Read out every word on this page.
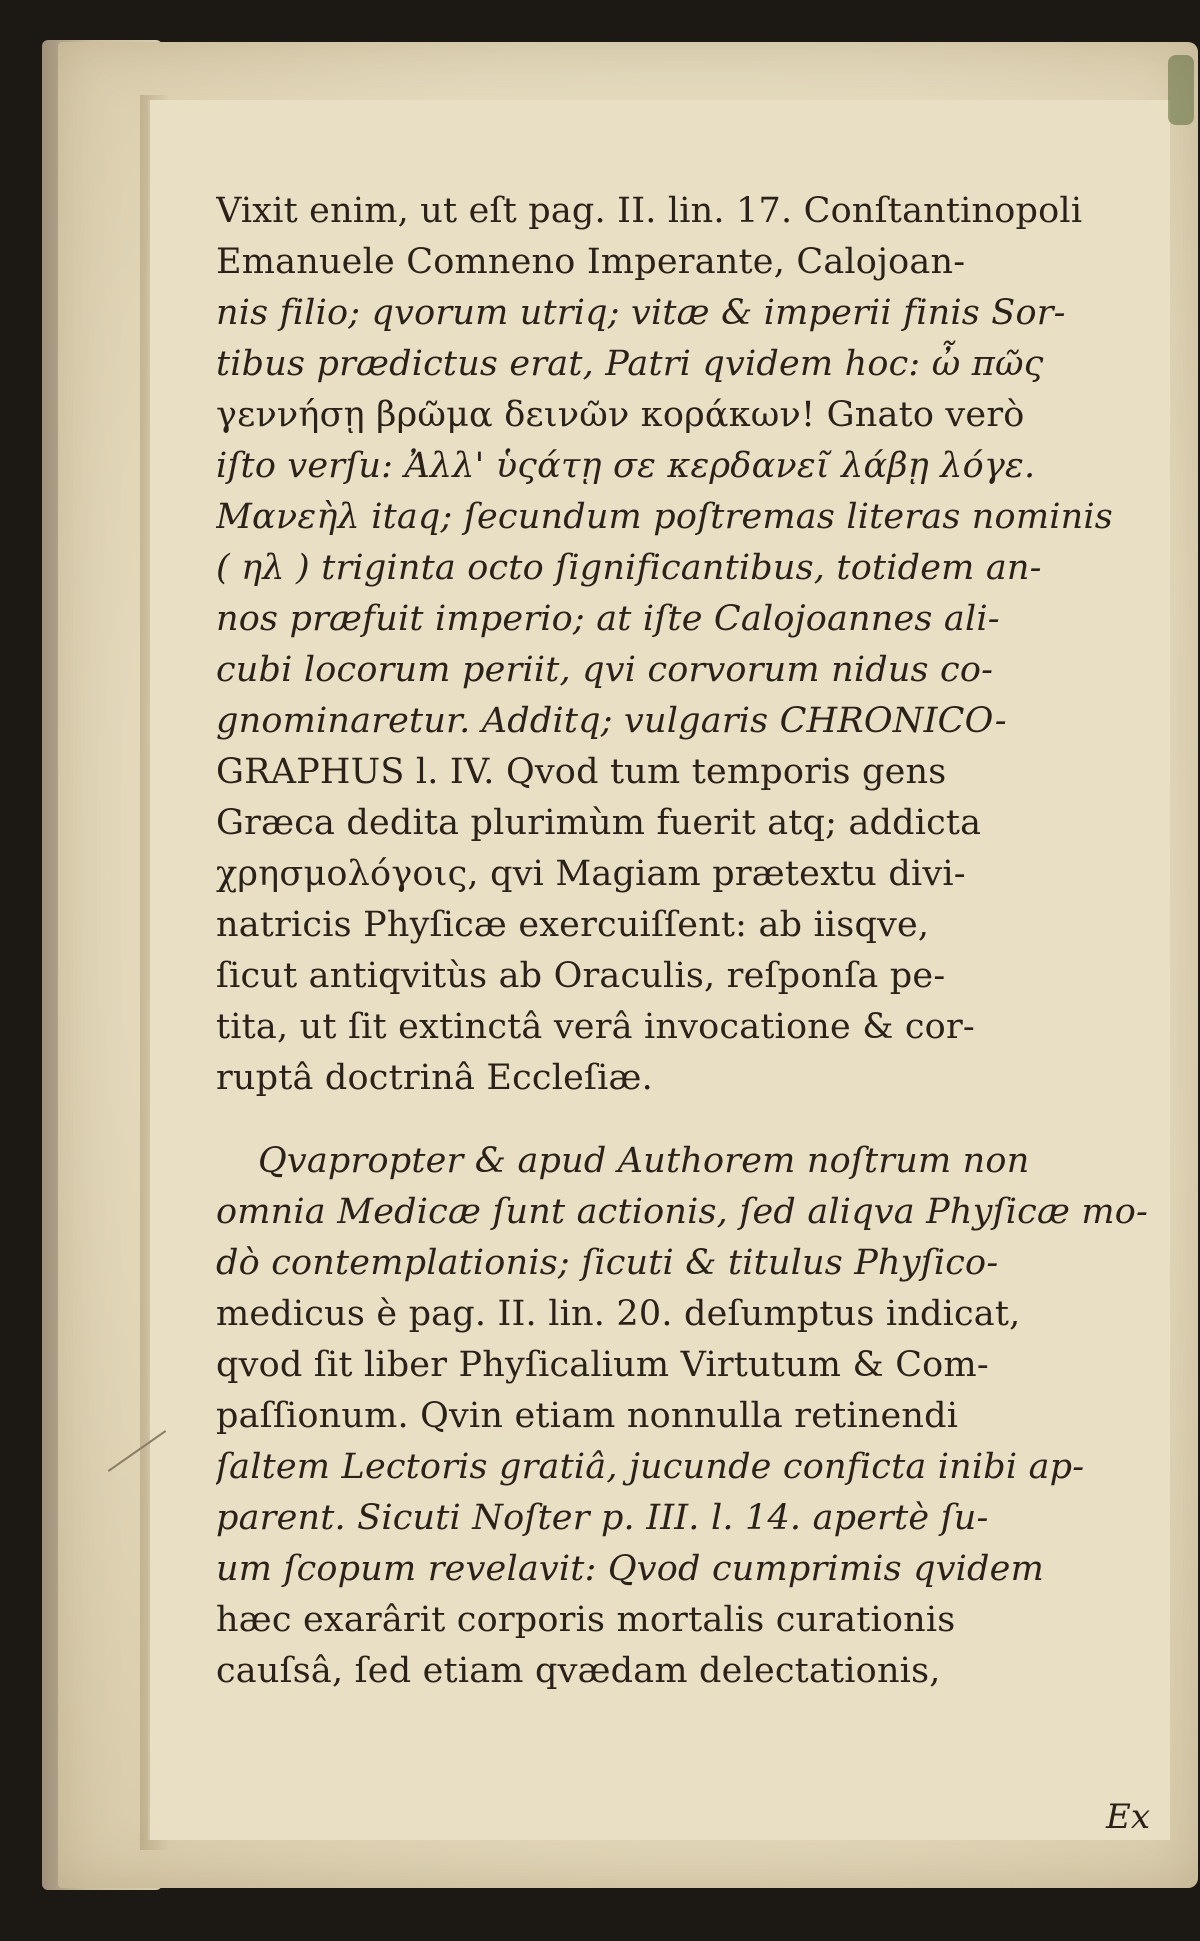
Vixit enim, ut eſt pag. II. lin. 17. Conſtantinopoli
Emanuele Comneno Imperante, Calojoan-
nis filio; qvorum utriq; vitæ & imperii finis Sor-
tibus prædictus erat, Patri qvidem hoc: ὦ πῶς
γεννήσῃ βρῶμα δεινῶν κοράκων! Gnato verò
iſto verſu: Ἀλλ' ὑςάτῃ σε κερδανεῖ λάβῃ λόγε.
Μανεὴλ itaq; ſecundum poſtremas literas nominis
( ηλ ) triginta octo ſignificantibus, totidem an-
nos præfuit imperio; at iſte Calojoannes ali-
cubi locorum periit, qvi corvorum nidus co-
gnominaretur. Additq; vulgaris CHRONICO-
GRAPHUS l. IV. Qvod tum temporis gens
Græca dedita plurimùm fuerit atq; addicta
χρησμολόγοις, qvi Magiam prætextu divi-
natricis Phyſicæ exercuiſſent: ab iisqve,
ſicut antiqvitùs ab Oraculis, reſponſa pe-
tita, ut ſit extinctâ verâ invocatione & cor-
ruptâ doctrinâ Eccleſiæ.
Qvapropter & apud Authorem noſtrum non
omnia Medicæ ſunt actionis, ſed aliqva Phyſicæ mo-
dò contemplationis; ſicuti & titulus Phyſico-
medicus è pag. II. lin. 20. deſumptus indicat,
qvod ſit liber Phyſicalium Virtutum & Com-
paſſionum. Qvin etiam nonnulla retinendi
ſaltem Lectoris gratiâ, jucunde conficta inibi ap-
parent. Sicuti Noſter p. III. l. 14. apertè ſu-
um ſcopum revelavit: Qvod cumprimis qvidem
hæc exarârit corporis mortalis curationis
cauſsâ, ſed etiam qvædam delectationis,
Ex
